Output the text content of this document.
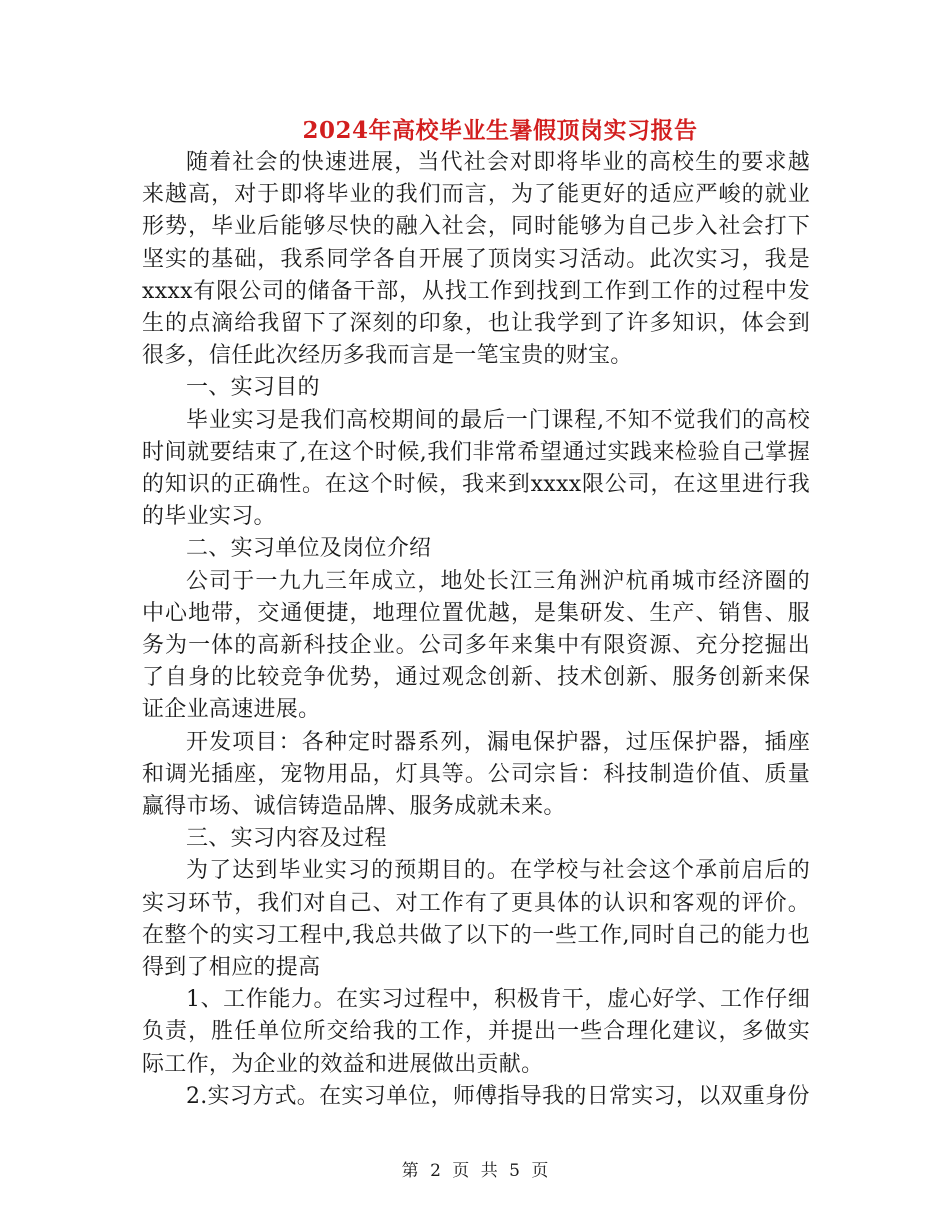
2024年高校毕业生暑假顶岗实习报告

随着社会的快速进展，当代社会对即将毕业的高校生的要求越来越高，对于即将毕业的我们而言，为了能更好的适应严峻的就业形势，毕业后能够尽快的融入社会，同时能够为自己步入社会打下坚实的基础，我系同学各自开展了顶岗实习活动。此次实习，我是xxxx有限公司的储备干部，从找工作到找到工作到工作的过程中发生的点滴给我留下了深刻的印象，也让我学到了许多知识，体会到很多，信任此次经历多我而言是一笔宝贵的财宝。

一、实习目的

毕业实习是我们高校期间的最后一门课程,不知不觉我们的高校时间就要结束了,在这个时候,我们非常希望通过实践来检验自己掌握的知识的正确性。在这个时候，我来到xxxx限公司，在这里进行我的毕业实习。

二、实习单位及岗位介绍

公司于一九九三年成立，地处长江三角洲沪杭甬城市经济圈的中心地带，交通便捷，地理位置优越，是集研发、生产、销售、服务为一体的高新科技企业。公司多年来集中有限资源、充分挖掘出了自身的比较竞争优势，通过观念创新、技术创新、服务创新来保证企业高速进展。

开发项目：各种定时器系列，漏电保护器，过压保护器，插座和调光插座，宠物用品，灯具等。公司宗旨：科技制造价值、质量赢得市场、诚信铸造品牌、服务成就未来。

三、实习内容及过程

为了达到毕业实习的预期目的。在学校与社会这个承前启后的实习环节，我们对自己、对工作有了更具体的认识和客观的评价。在整个的实习工程中,我总共做了以下的一些工作,同时自己的能力也得到了相应的提高

1、工作能力。在实习过程中，积极肯干，虚心好学、工作仔细负责，胜任单位所交给我的工作，并提出一些合理化建议，多做实际工作，为企业的效益和进展做出贡献。

2.实习方式。在实习单位，师傅指导我的日常实习，以双重身份

第 2 页 共 5 页
